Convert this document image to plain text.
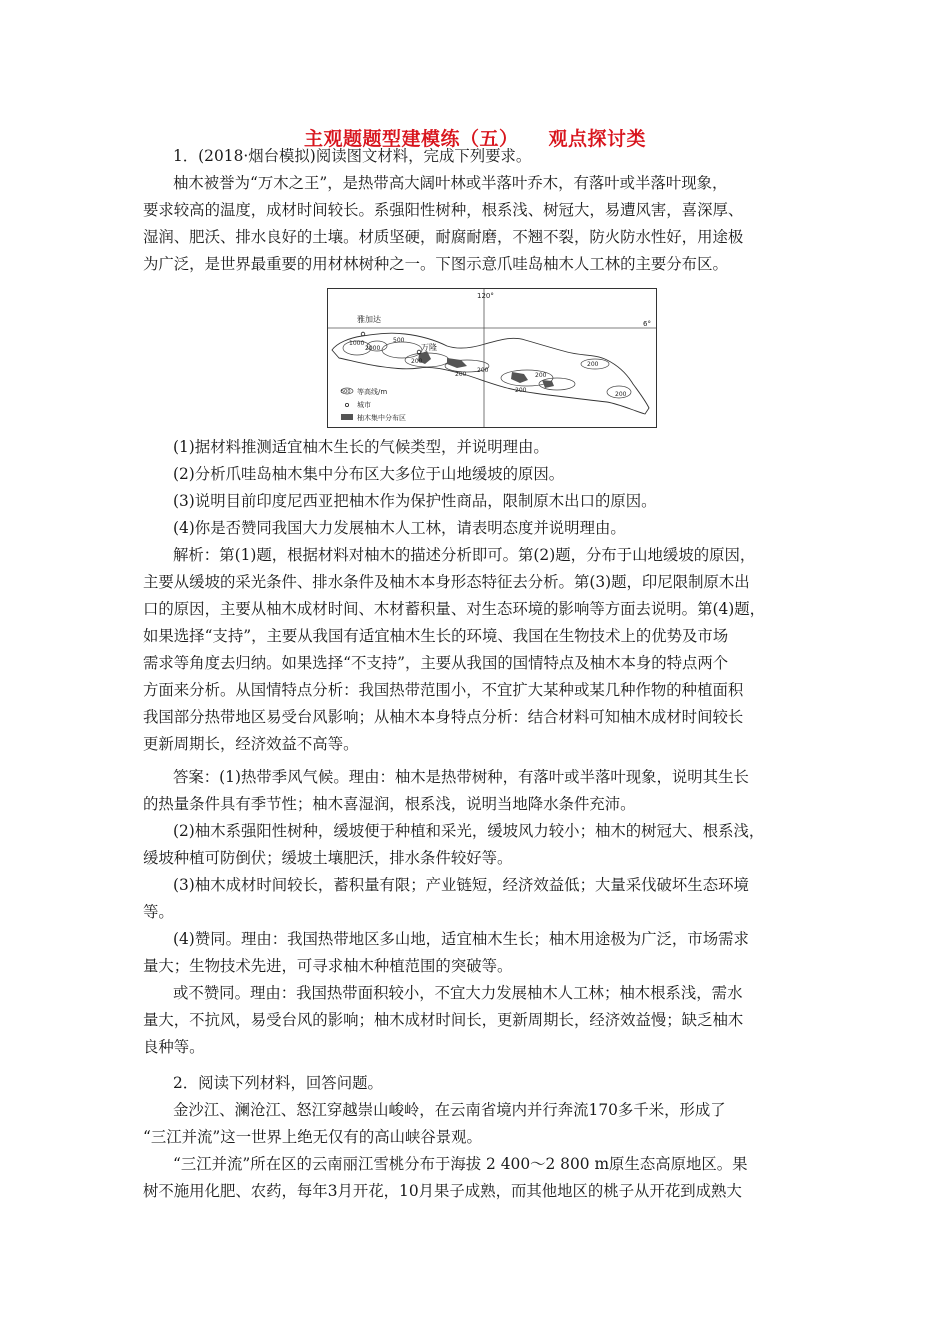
主观题题型建模练（五） 观点探讨类
1．(2018·烟台模拟)阅读图文材料，完成下列要求。
柚木被誉为“万木之王”，是热带高大阔叶林或半落叶乔木，有落叶或半落叶现象，
要求较高的温度，成材时间较长。系强阳性树种，根系浅、树冠大，易遭风害，喜深厚、
湿润、肥沃、排水良好的土壤。材质坚硬，耐腐耐磨，不翘不裂，防火防水性好，用途极
为广泛，是世界最重要的用材林树种之一。下图示意爪哇岛柚木人工林的主要分布区。
120°
6°
雅加达
万隆
1000
2000
500
200
200
200
200
200
200
200
500 等高线/m
城市
柚木集中分布区
(1)据材料推测适宜柚木生长的气候类型，并说明理由。
(2)分析爪哇岛柚木集中分布区大多位于山地缓坡的原因。
(3)说明目前印度尼西亚把柚木作为保护性商品，限制原木出口的原因。
(4)你是否赞同我国大力发展柚木人工林，请表明态度并说明理由。
解析：第(1)题，根据材料对柚木的描述分析即可。第(2)题，分布于山地缓坡的原因，
主要从缓坡的采光条件、排水条件及柚木本身形态特征去分析。第(3)题，印尼限制原木出
口的原因，主要从柚木成材时间、木材蓄积量、对生态环境的影响等方面去说明。第(4)题，
如果选择“支持”，主要从我国有适宜柚木生长的环境、我国在生物技术上的优势及市场
需求等角度去归纳。如果选择“不支持”，主要从我国的国情特点及柚木本身的特点两个
方面来分析。从国情特点分析：我国热带范围小，不宜扩大某种或某几种作物的种植面积
我国部分热带地区易受台风影响；从柚木本身特点分析：结合材料可知柚木成材时间较长
更新周期长，经济效益不高等。
答案：(1)热带季风气候。理由：柚木是热带树种，有落叶或半落叶现象，说明其生长
的热量条件具有季节性；柚木喜湿润，根系浅，说明当地降水条件充沛。
(2)柚木系强阳性树种，缓坡便于种植和采光，缓坡风力较小；柚木的树冠大、根系浅，
缓坡种植可防倒伏；缓坡土壤肥沃，排水条件较好等。
(3)柚木成材时间较长，蓄积量有限；产业链短，经济效益低；大量采伐破坏生态环境
等。
(4)赞同。理由：我国热带地区多山地，适宜柚木生长；柚木用途极为广泛，市场需求
量大；生物技术先进，可寻求柚木种植范围的突破等。
或不赞同。理由：我国热带面积较小，不宜大力发展柚木人工林；柚木根系浅，需水
量大，不抗风，易受台风的影响；柚木成材时间长，更新周期长，经济效益慢；缺乏柚木
良种等。
2．阅读下列材料，回答问题。
金沙江、澜沧江、怒江穿越崇山峻岭，在云南省境内并行奔流170多千米，形成了
“三江并流”这一世界上绝无仅有的高山峡谷景观。
“三江并流”所在区的云南丽江雪桃分布于海拔 2 400～2 800 m原生态高原地区。果
树不施用化肥、农药，每年3月开花，10月果子成熟，而其他地区的桃子从开花到成熟大
